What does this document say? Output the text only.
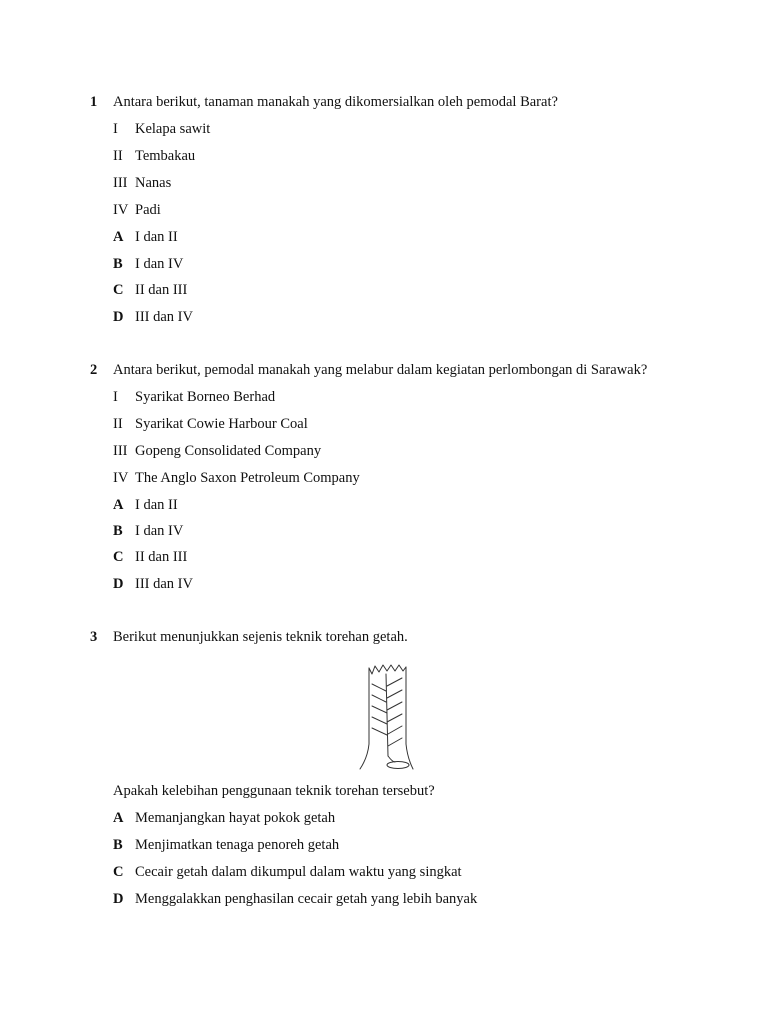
1 Antara berikut, tanaman manakah yang dikomersialkan oleh pemodal Barat?
I Kelapa sawit
II Tembakau
III Nanas
IV Padi
A I dan II
B I dan IV
C II dan III
D III dan IV
2 Antara berikut, pemodal manakah yang melabur dalam kegiatan perlombongan di Sarawak?
I Syarikat Borneo Berhad
II Syarikat Cowie Harbour Coal
III Gopeng Consolidated Company
IV The Anglo Saxon Petroleum Company
A I dan II
B I dan IV
C II dan III
D III dan IV
3 Berikut menunjukkan sejenis teknik torehan getah.
Apakah kelebihan penggunaan teknik torehan tersebut?
A Memanjangkan hayat pokok getah
B Menjimatkan tenaga penoreh getah
C Cecair getah dalam dikumpul dalam waktu yang singkat
D Menggalakkan penghasilan cecair getah yang lebih banyak
